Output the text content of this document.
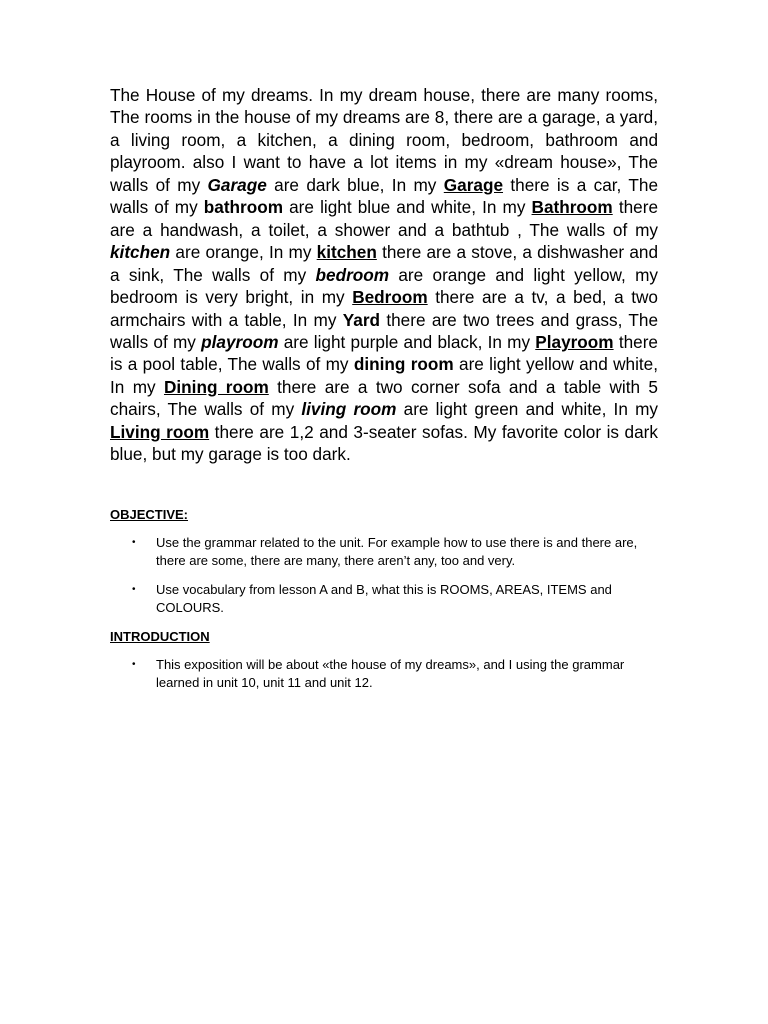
The House of my dreams. In my dream house, there are many rooms, The rooms in the house of my dreams are 8, there are a garage, a yard, a living room, a kitchen, a dining room, bedroom, bathroom and playroom. also I want to have a lot items in my «dream house», The walls of my Garage are dark blue, In my Garage there is a car, The walls of my bathroom are light blue and white, In my Bathroom there are a handwash, a toilet, a shower and a bathtub , The walls of my kitchen are orange, In my kitchen there are a stove, a dishwasher and a sink, The walls of my bedroom are orange and light yellow, my bedroom is very bright, in my Bedroom there are a tv, a bed, a two armchairs with a table, In my Yard there are two trees and grass, The walls of my playroom are light purple and black, In my Playroom there is a pool table, The walls of my dining room are light yellow and white, In my Dining room there are a two corner sofa and a table with 5 chairs, The walls of my living room are light green and white, In my Living room there are 1,2 and 3-seater sofas. My favorite color is dark blue, but my garage is too dark.

OBJECTIVE:

• Use the grammar related to the unit. For example how to use there is and there are, there are some, there are many, there aren’t any, too and very.
• Use vocabulary from lesson A and B, what this is ROOMS, AREAS, ITEMS and COLOURS.

INTRODUCTION

• This exposition will be about «the house of my dreams», and I using the grammar learned in unit 10, unit 11 and unit 12.
